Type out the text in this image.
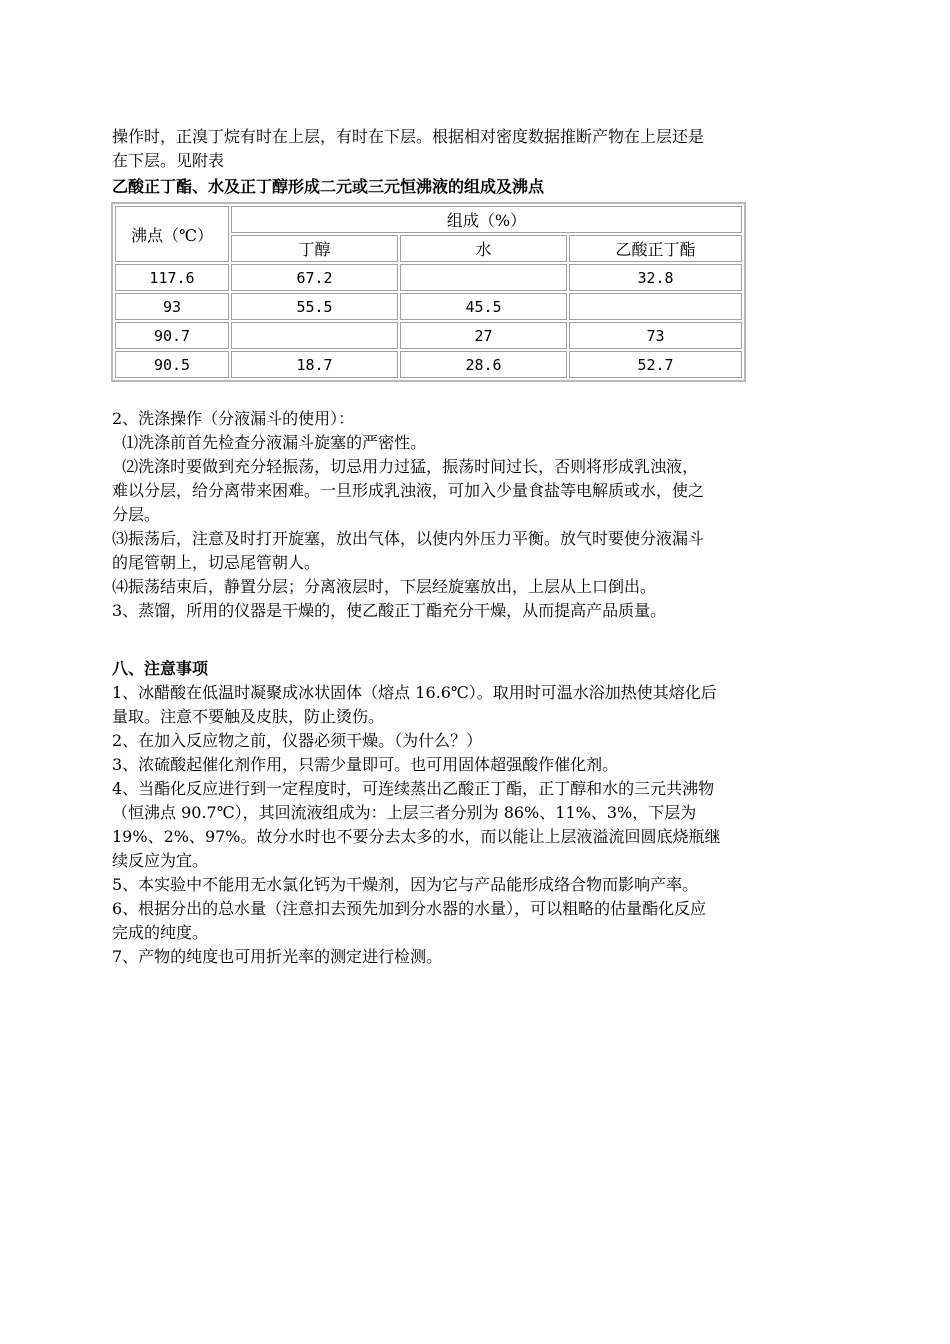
操作时，正溴丁烷有时在上层，有时在下层。根据相对密度数据推断产物在上层还是
在下层。见附表
乙酸正丁酯、水及正丁醇形成二元或三元恒沸液的组成及沸点
沸点（℃）	组成（%）		
	丁醇	水	乙酸正丁酯
117.6	67.2		32.8
93	55.5	45.5	
90.7		27	73
90.5	18.7	28.6	52.7
2、洗涤操作（分液漏斗的使用）：
⑴洗涤前首先检查分液漏斗旋塞的严密性。
⑵洗涤时要做到充分轻振荡，切忌用力过猛，振荡时间过长，否则将形成乳浊液，
难以分层，给分离带来困难。一旦形成乳浊液，可加入少量食盐等电解质或水，使之
分层。
⑶振荡后，注意及时打开旋塞，放出气体，以使内外压力平衡。放气时要使分液漏斗
的尾管朝上，切忌尾管朝人。
⑷振荡结束后，静置分层；分离液层时，下层经旋塞放出，上层从上口倒出。
3、蒸馏，所用的仪器是干燥的，使乙酸正丁酯充分干燥，从而提高产品质量。
八、注意事项
1、冰醋酸在低温时凝聚成冰状固体（熔点 16.6℃）。取用时可温水浴加热使其熔化后
量取。注意不要触及皮肤，防止烫伤。
2、在加入反应物之前，仪器必须干燥。（为什么？）
3、浓硫酸起催化剂作用，只需少量即可。也可用固体超强酸作催化剂。
4、当酯化反应进行到一定程度时，可连续蒸出乙酸正丁酯，正丁醇和水的三元共沸物
（恒沸点 90.7℃），其回流液组成为：上层三者分别为 86%、11%、3%，下层为
19%、2%、97%。故分水时也不要分去太多的水，而以能让上层液溢流回圆底烧瓶继
续反应为宜。
5、本实验中不能用无水氯化钙为干燥剂，因为它与产品能形成络合物而影响产率。
6、根据分出的总水量（注意扣去预先加到分水器的水量），可以粗略的估量酯化反应
完成的纯度。
7、产物的纯度也可用折光率的测定进行检测。
